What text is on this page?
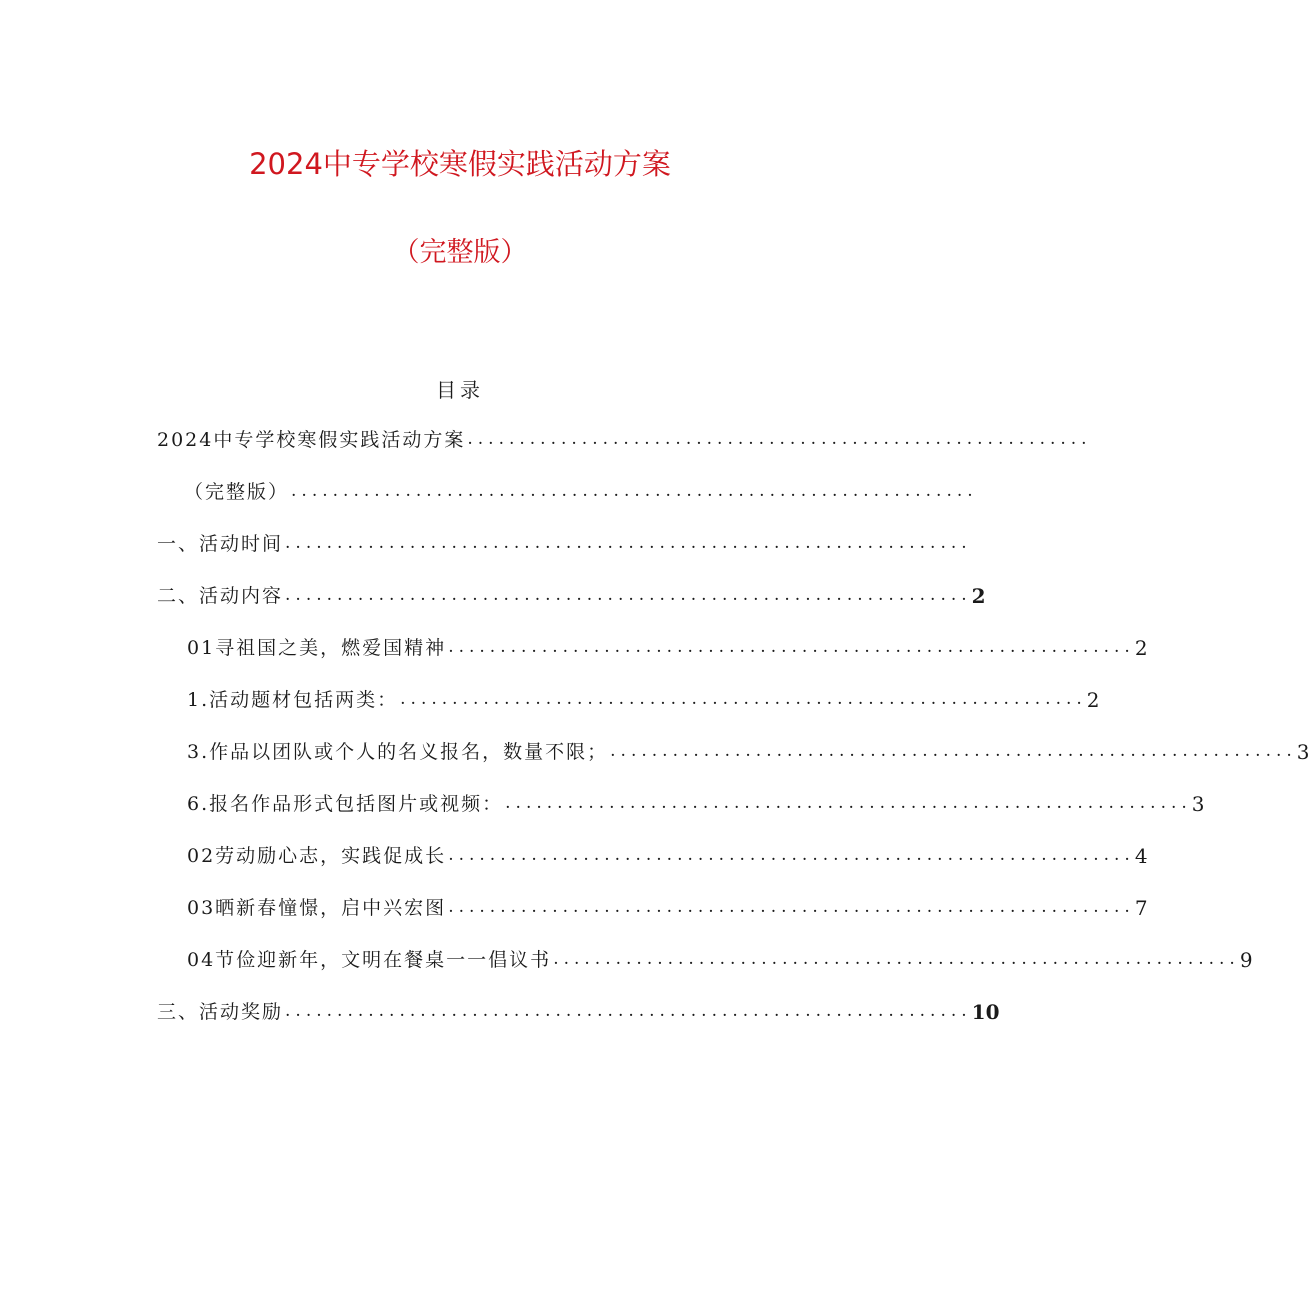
2024中专学校寒假实践活动方案
（完整版）
目录
2024中专学校寒假实践活动方案 ............................................................
（完整版） ..................................................................
一、活动时间 ..................................................................
二、活动内容 .................................................................. 2
01寻祖国之美，燃爱国精神 .................................................................. 2
1.活动题材包括两类： .................................................................. 2
3.作品以团队或个人的名义报名，数量不限； .................................................................. 3
6.报名作品形式包括图片或视频： .................................................................. 3
02劳动励心志，实践促成长 .................................................................. 4
03晒新春憧憬，启中兴宏图 .................................................................. 7
04节俭迎新年，文明在餐桌一一倡议书 .................................................................. 9
三、活动奖励 .................................................................. 10
